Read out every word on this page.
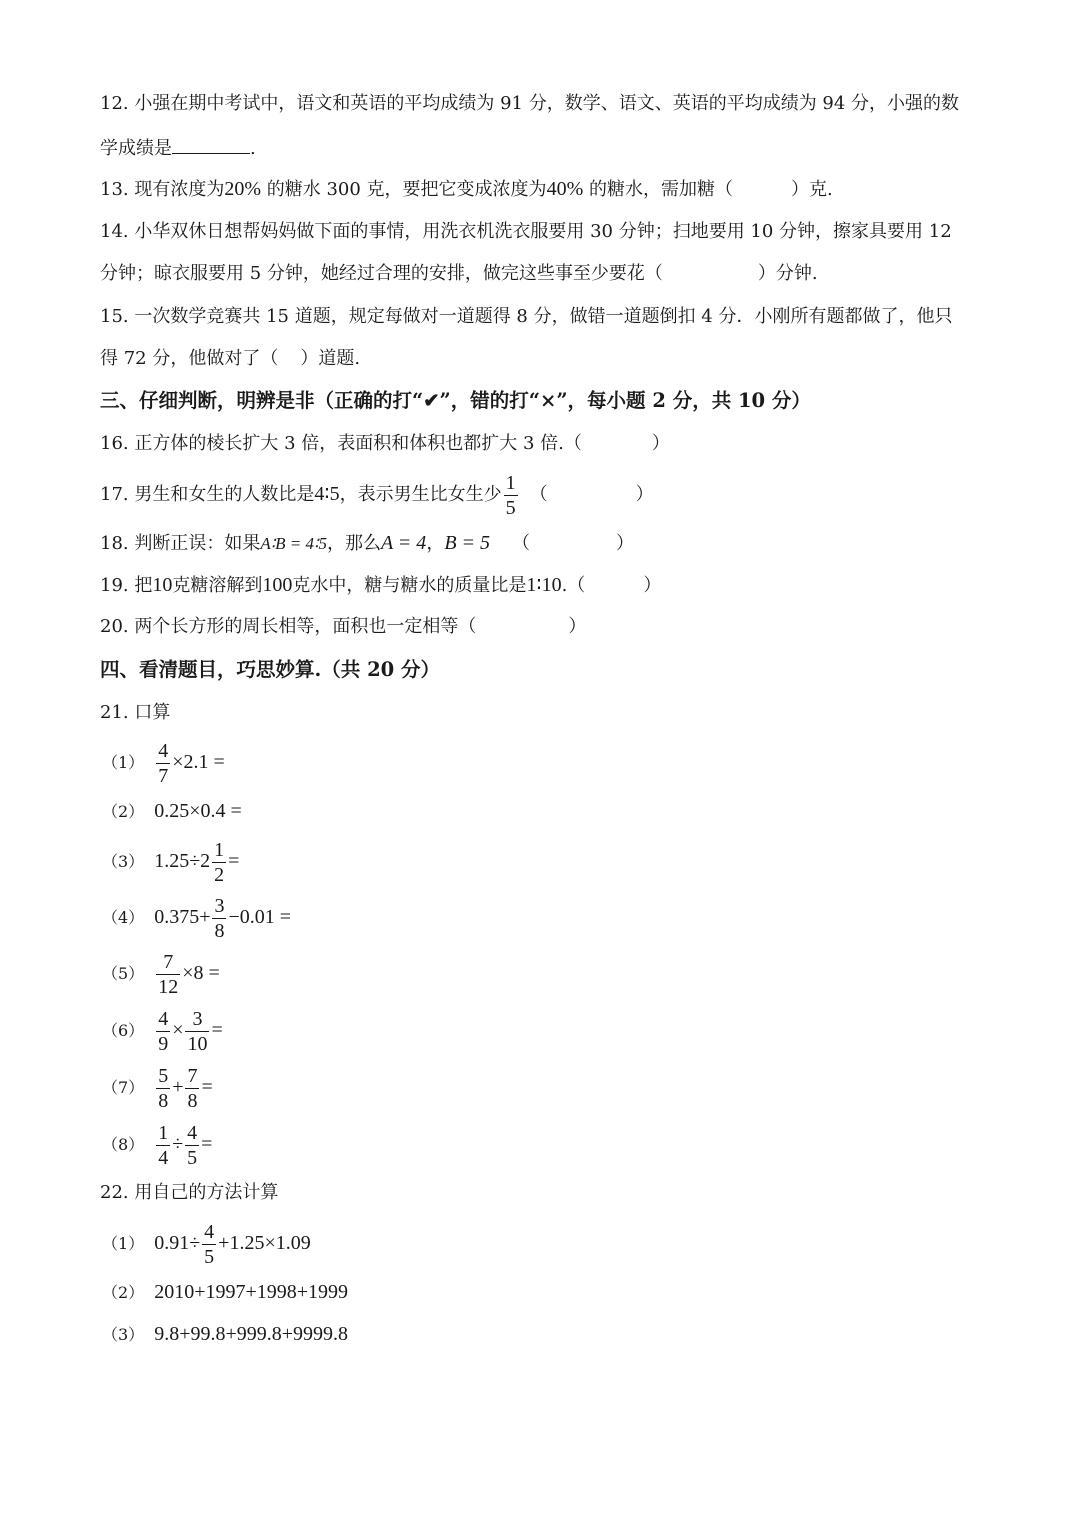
12. 小强在期中考试中，语文和英语的平均成绩为 91 分，数学、语文、英语的平均成绩为 94 分，小强的数
学成绩是	.
13. 现有浓度为20% 的糖水 300 克，要把它变成浓度为40% 的糖水，需加糖（	）克.
14. 小华双休日想帮妈妈做下面的事情，用洗衣机洗衣服要用 30 分钟；扫地要用 10 分钟，擦家具要用 12
分钟；晾衣服要用 5 分钟，她经过合理的安排，做完这些事至少要花（	）分钟.
15. 一次数学竞赛共 15 道题，规定每做对一道题得 8 分，做错一道题倒扣 4 分．小刚所有题都做了，他只
得 72 分，他做对了（ ）道题.
三、仔细判断，明辨是非（正确的打“✔”，错的打“×”，每小题 2 分，共 10 分）
16. 正方体的棱长扩大 3 倍，表面积和体积也都扩大 3 倍.（	）
17. 男生和女生的人数比是4∶5，表示男生比女生少 $\frac{1}{5}$ （	）
18. 判断正误：如果A∶B = 4∶5，那么A = 4，B = 5 （	）
19. 把10克糖溶解到100克水中，糖与糖水的质量比是1∶10.（	）
20. 两个长方形的周长相等，面积也一定相等（	）
四、看清题目，巧思妙算.（共 20 分）
21. 口算
$(1) \frac{4}{7} \times 2.1$ =
（2） 0.25×0.4 =
（3） $1.25\div 2 \frac{1}{2}$ =
（4） $0.375+ \frac{3}{8} -0.01$ =
$(5) \frac{7}{12} \times 8$ =
$(6) \frac{4}{9} \times \frac{3}{10}$ =
$(7) \frac{5}{8} + \frac{7}{8}$ =
$(8) \frac{1}{4} \div \frac{4}{5}$ =
22. 用自己的方法计算
（1） $0.91\div \frac{4}{5} +1.25\times 1.09$
（2） 2010+1997+1998+1999
（3） 9.8+99.8+999.8+9999.8
